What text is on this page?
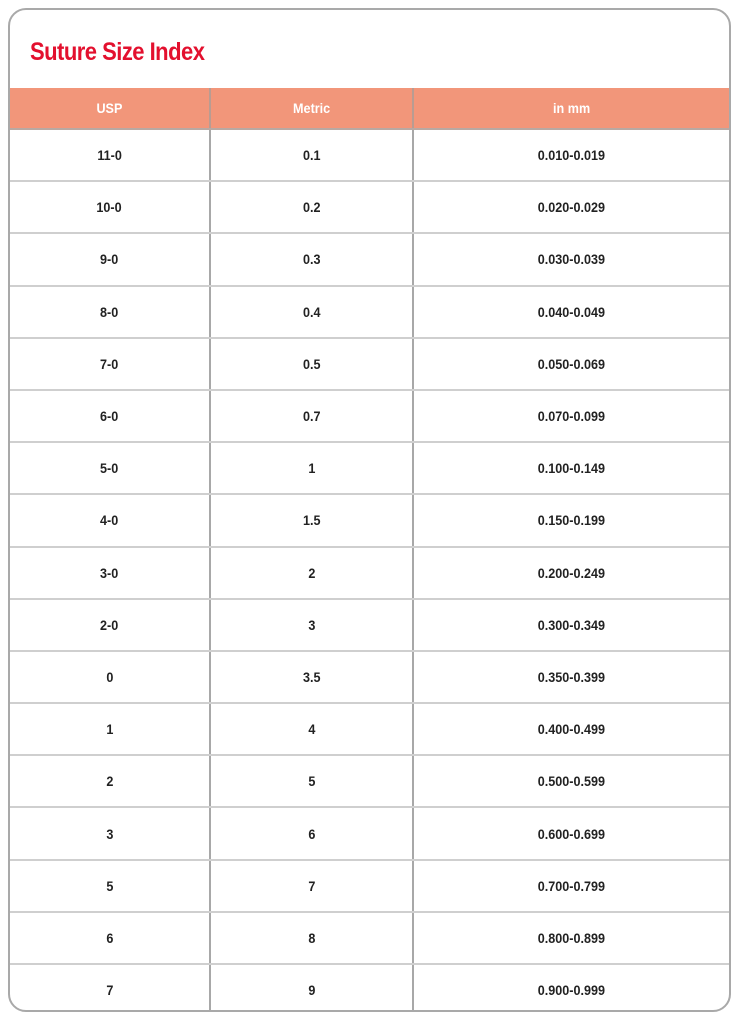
Suture Size Index
USP	Metric	in mm
11-0	0.1	0.010-0.019
10-0	0.2	0.020-0.029
9-0	0.3	0.030-0.039
8-0	0.4	0.040-0.049
7-0	0.5	0.050-0.069
6-0	0.7	0.070-0.099
5-0	1	0.100-0.149
4-0	1.5	0.150-0.199
3-0	2	0.200-0.249
2-0	3	0.300-0.349
0	3.5	0.350-0.399
1	4	0.400-0.499
2	5	0.500-0.599
3	6	0.600-0.699
5	7	0.700-0.799
6	8	0.800-0.899
7	9	0.900-0.999
